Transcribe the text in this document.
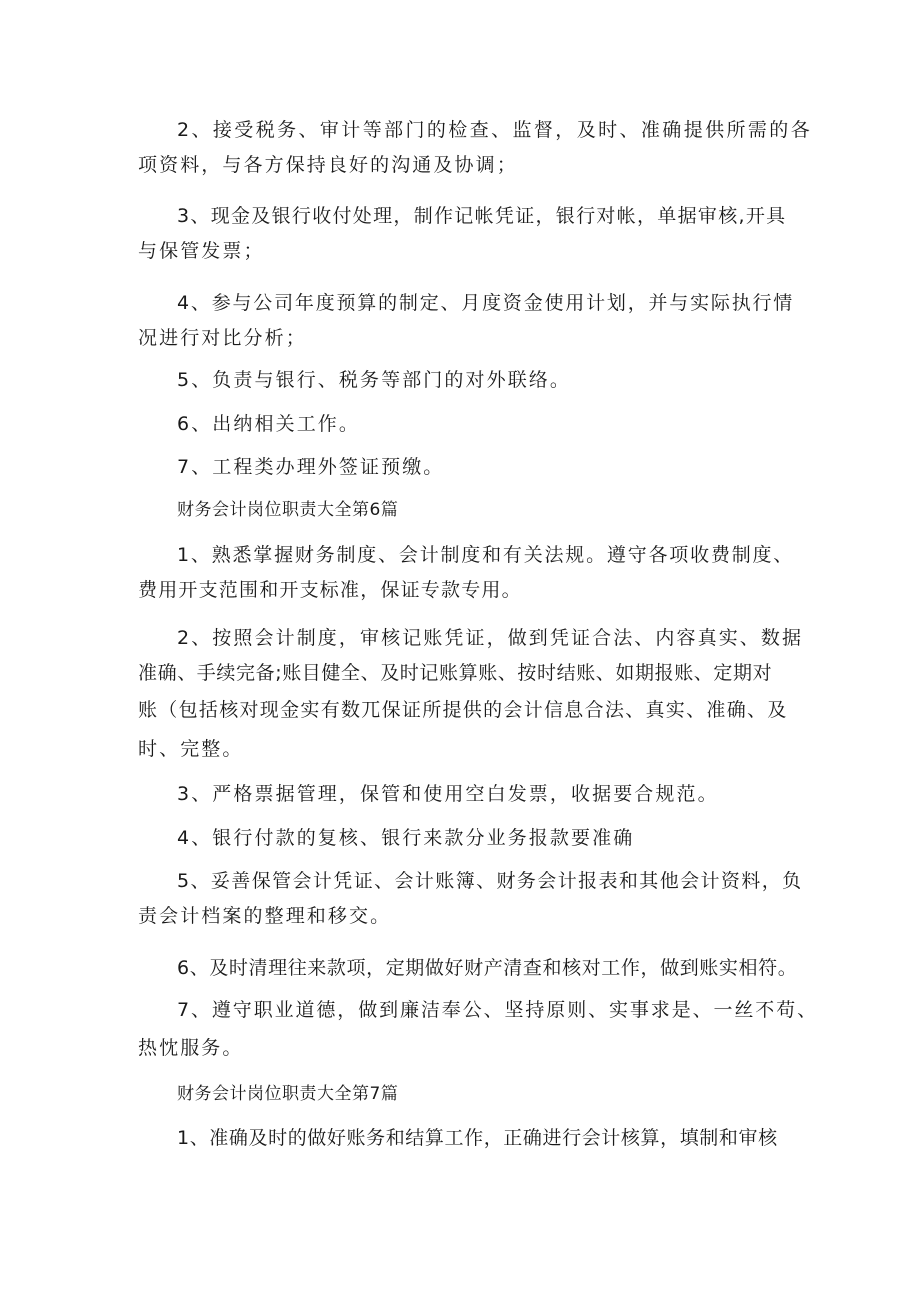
2、接受税务、审计等部门的检查、监督，及时、准确提供所需的各
项资料，与各方保持良好的沟通及协调；
3、现金及银行收付处理，制作记帐凭证，银行对帐，单据审核,开具
与保管发票；
4、参与公司年度预算的制定、月度资金使用计划，并与实际执行情
况进行对比分析；
5、负责与银行、税务等部门的对外联络。
6、出纳相关工作。
7、工程类办理外签证预缴。
财务会计岗位职责大全第6篇
1、熟悉掌握财务制度、会计制度和有关法规。遵守各项收费制度、
费用开支范围和开支标准，保证专款专用。
2、按照会计制度，审核记账凭证，做到凭证合法、内容真实、数据
准确、手续完备;账目健全、及时记账算账、按时结账、如期报账、定期对
账（包括核对现金实有数兀保证所提供的会计信息合法、真实、准确、及
时、完整。
3、严格票据管理，保管和使用空白发票，收据要合规范。
4、银行付款的复核、银行来款分业务报款要准确
5、妥善保管会计凭证、会计账簿、财务会计报表和其他会计资料，负
责会计档案的整理和移交。
6、及时清理往来款项，定期做好财产清查和核对工作，做到账实相符。
7、遵守职业道德，做到廉洁奉公、坚持原则、实事求是、一丝不苟、
热忱服务。
财务会计岗位职责大全第7篇
1、准确及时的做好账务和结算工作，正确进行会计核算，填制和审核
